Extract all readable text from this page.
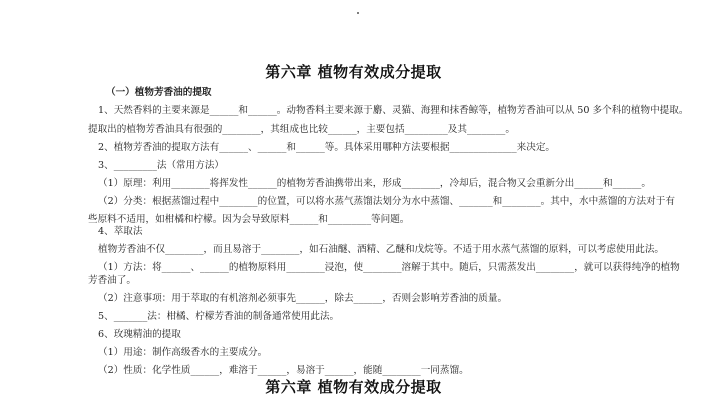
第六章 植物有效成分提取
（一）植物芳香油的提取
1、天然香料的主要来源是______和______。动物香料主要来源于麝、灵猫、海狸和抹香鲸等，植物芳香油可以从 50 多个科的植物中提取。
提取出的植物芳香油具有很强的________，其组成也比较______，主要包括_________及其________。
2、植物芳香油的提取方法有______、______和______等。具体采用哪种方法要根据______________来决定。
3、_________法（常用方法）
（1）原理：利用________将挥发性______的植物芳香油携带出来，形成________，冷却后，混合物又会重新分出______和______。
（2）分类：根据蒸馏过程中________的位置，可以将水蒸气蒸馏法划分为水中蒸馏、_______和________。其中，水中蒸馏的方法对于有
些原料不适用，如柑橘和柠檬。因为会导致原料______和_________等问题。
4、萃取法
植物芳香油不仅________，而且易溶于________，如石油醚、酒精、乙醚和戊烷等。不适于用水蒸气蒸馏的原料，可以考虑使用此法。
（1）方法：将______、______的植物原料用________浸泡，使________溶解于其中。随后，只需蒸发出________，就可以获得纯净的植物
芳香油了。
（2）注意事项：用于萃取的有机溶剂必须事先______，除去______，否则会影响芳香油的质量。
5、_______法：柑橘、柠檬芳香油的制备通常使用此法。
6、玫瑰精油的提取
（1）用途：制作高级香水的主要成分。
第六章 植物有效成分提取
（2）性质：化学性质______，难溶于______，易溶于______，能随________一同蒸馏。
